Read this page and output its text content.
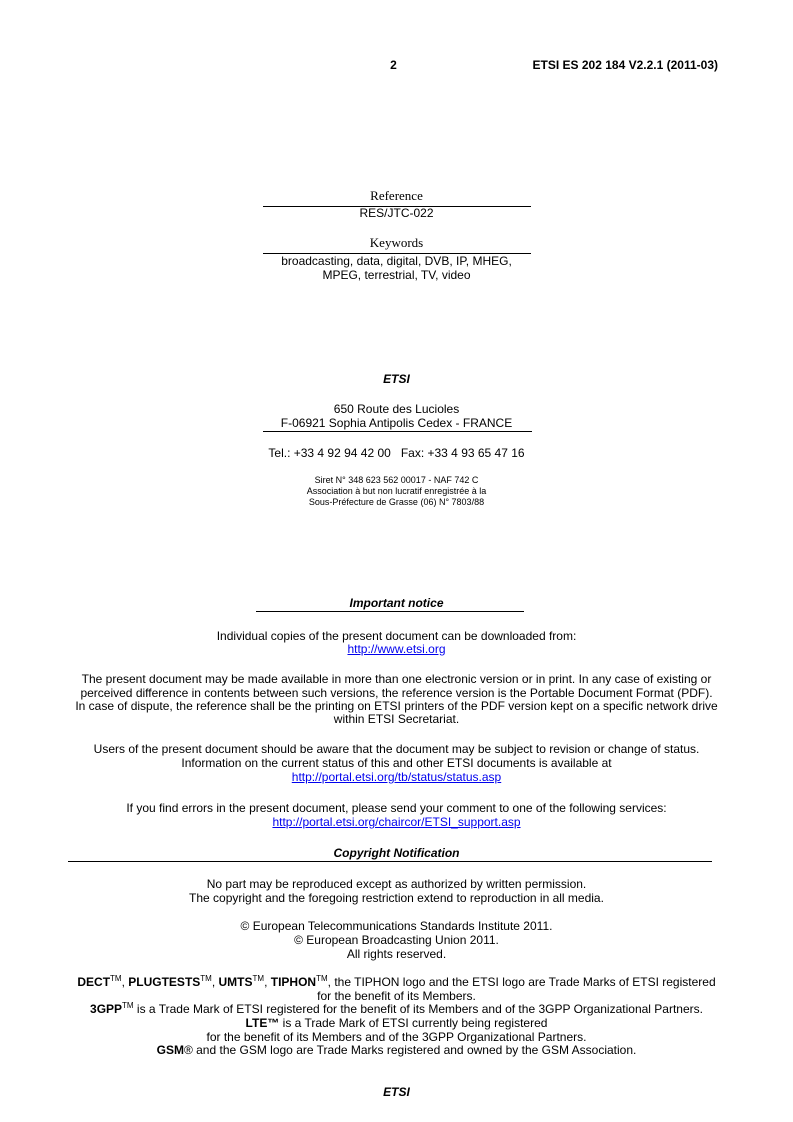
2	ETSI ES 202 184 V2.2.1 (2011-03)
Reference
RES/JTC-022
Keywords
broadcasting, data, digital, DVB, IP, MHEG,
MPEG, terrestrial, TV, video
ETSI
650 Route des Lucioles
F-06921 Sophia Antipolis Cedex - FRANCE
Tel.: +33 4 92 94 42 00   Fax: +33 4 93 65 47 16
Siret N° 348 623 562 00017 - NAF 742 C
Association à but non lucratif enregistrée à la
Sous-Préfecture de Grasse (06) N° 7803/88
Important notice
Individual copies of the present document can be downloaded from:
http://www.etsi.org
The present document may be made available in more than one electronic version or in print. In any case of existing or
perceived difference in contents between such versions, the reference version is the Portable Document Format (PDF).
In case of dispute, the reference shall be the printing on ETSI printers of the PDF version kept on a specific network drive
within ETSI Secretariat.
Users of the present document should be aware that the document may be subject to revision or change of status.
Information on the current status of this and other ETSI documents is available at
http://portal.etsi.org/tb/status/status.asp
If you find errors in the present document, please send your comment to one of the following services:
http://portal.etsi.org/chaircor/ETSI_support.asp
Copyright Notification
No part may be reproduced except as authorized by written permission.
The copyright and the foregoing restriction extend to reproduction in all media.
© European Telecommunications Standards Institute 2011.
© European Broadcasting Union 2011.
All rights reserved.
DECT™, PLUGTESTS™, UMTS™, TIPHON™, the TIPHON logo and the ETSI logo are Trade Marks of ETSI registered
for the benefit of its Members.
3GPP™ is a Trade Mark of ETSI registered for the benefit of its Members and of the 3GPP Organizational Partners.
LTE™ is a Trade Mark of ETSI currently being registered
for the benefit of its Members and of the 3GPP Organizational Partners.
GSM® and the GSM logo are Trade Marks registered and owned by the GSM Association.
ETSI
